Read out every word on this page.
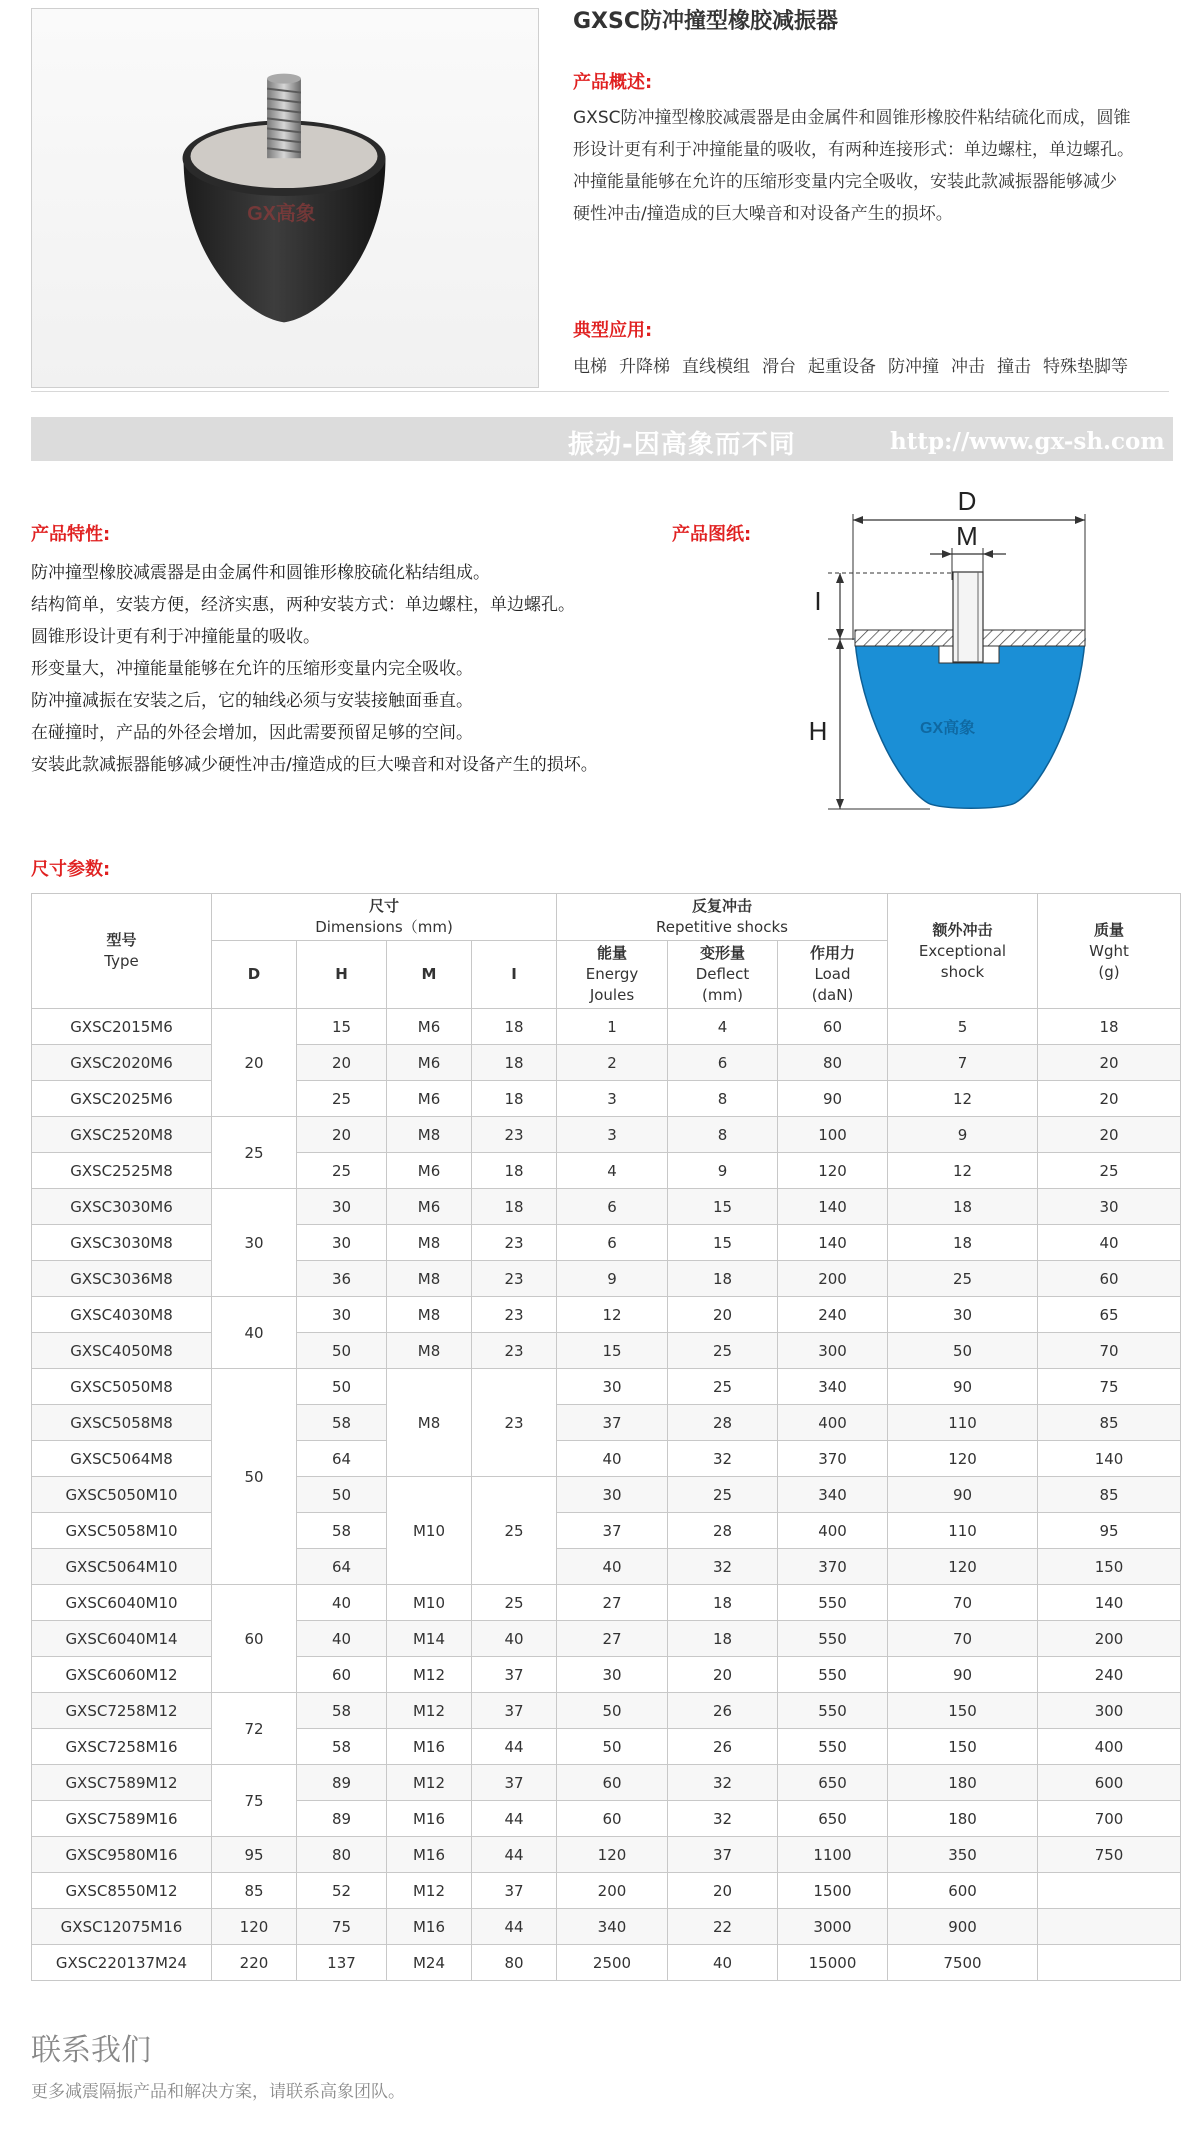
GX高象
GXSC防冲撞型橡胶减振器
产品概述:
GXSC防冲撞型橡胶减震器是由金属件和圆锥形橡胶件粘结硫化而成，圆锥
形设计更有利于冲撞能量的吸收，有两种连接形式：单边螺柱，单边螺孔。
冲撞能量能够在允许的压缩形变量内完全吸收，安装此款减振器能够减少
硬性冲击/撞造成的巨大噪音和对设备产生的损坏。
典型应用:
电梯 升降梯 直线模组 滑台 起重设备 防冲撞 冲击 撞击 特殊垫脚等
振动-因高象而不同	http://www.gx-sh.com
产品特性:
防冲撞型橡胶减震器是由金属件和圆锥形橡胶硫化粘结组成。
结构简单，安装方便，经济实惠，两种安装方式：单边螺柱，单边螺孔。
圆锥形设计更有利于冲撞能量的吸收。
形变量大，冲撞能量能够在允许的压缩形变量内完全吸收。
防冲撞减振在安装之后，它的轴线必须与安装接触面垂直。
在碰撞时，产品的外径会增加，因此需要预留足够的空间。
安装此款减振器能够减少硬性冲击/撞造成的巨大噪音和对设备产生的损坏。
产品图纸:
D
M
GX高象
I
H
尺寸参数:
型号
Type	尺寸
Dimensions（mm)				反复冲击
Repetitive shocks			额外冲击
Exceptional
shock	质量
Wght
(g)

	D	H	M	I	能量
Energy
Joules	变形量
Deflect
(mm)	作用力
Load
(daN)		
GXSC2015M6	20	15	M6	18	1	4	60	5	18
GXSC2020M6		20	M6	18	2	6	80	7	20
GXSC2025M6		25	M6	18	3	8	90	12	20
GXSC2520M8	25	20	M8	23	3	8	100	9	20
GXSC2525M8		25	M6	18	4	9	120	12	25
GXSC3030M6	30	30	M6	18	6	15	140	18	30
GXSC3030M8		30	M8	23	6	15	140	18	40
GXSC3036M8		36	M8	23	9	18	200	25	60
GXSC4030M8	40	30	M8	23	12	20	240	30	65
GXSC4050M8		50	M8	23	15	25	300	50	70
GXSC5050M8	50	50	M8	23	30	25	340	90	75
GXSC5058M8		58			37	28	400	110	85
GXSC5064M8		64			40	32	370	120	140
GXSC5050M10		50	M10	25	30	25	340	90	85
GXSC5058M10		58			37	28	400	110	95
GXSC5064M10		64			40	32	370	120	150
GXSC6040M10	60	40	M10	25	27	18	550	70	140
GXSC6040M14		40	M14	40	27	18	550	70	200
GXSC6060M12		60	M12	37	30	20	550	90	240
GXSC7258M12	72	58	M12	37	50	26	550	150	300
GXSC7258M16		58	M16	44	50	26	550	150	400
GXSC7589M12	75	89	M12	37	60	32	650	180	600
GXSC7589M16		89	M16	44	60	32	650	180	700
GXSC9580M16	95	80	M16	44	120	37	1100	350	750
GXSC8550M12	85	52	M12	37	200	20	1500	600	
GXSC12075M16	120	75	M16	44	340	22	3000	900	
GXSC220137M24	220	137	M24	80	2500	40	15000	7500	
联系我们
更多减震隔振产品和解决方案，请联系高象团队。
